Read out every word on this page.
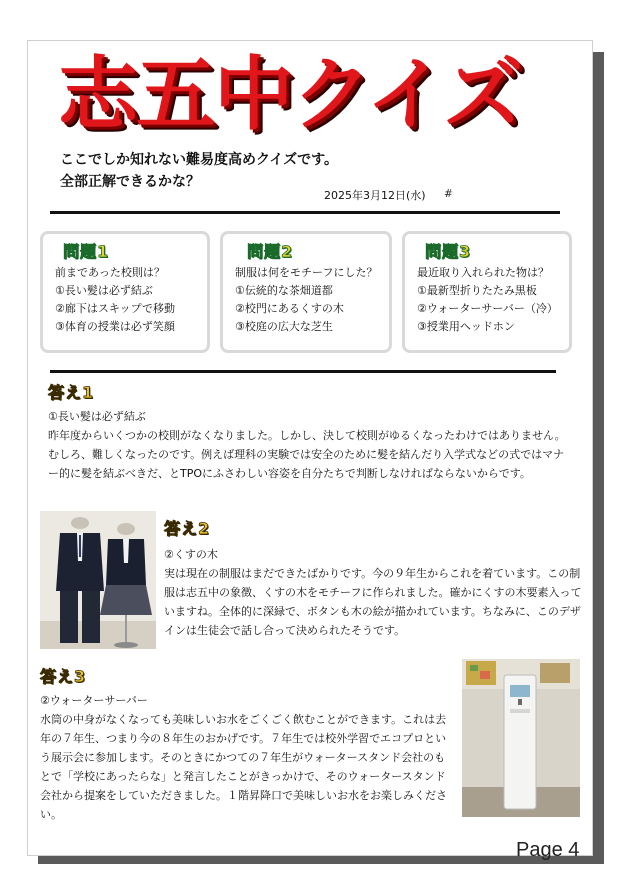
志五中クイズ
ここでしか知れない難易度高めクイズです。
全部正解できるかな？
2025年3月12日(水) #
問題1
前まであった校則は？
①長い髪は必ず結ぶ
②廊下はスキップで移動
③体育の授業は必ず笑顔
問題2
制服は何をモチーフにした？
①伝統的な茶畑道都
②校門にあるくすの木
③校庭の広大な芝生
問題3
最近取り入れられた物は？
①最新型折りたたみ黒板
②ウォーターサーバー（冷）
③授業用ヘッドホン
答え1
①長い髪は必ず結ぶ
昨年度からいくつかの校則がなくなりました。しかし、決して校則がゆるくなったわけではありません。むしろ、難しくなったのです。例えば理科の実験では安全のために髪を結んだり入学式などの式ではマナー的に髪を結ぶべきだ、とTPOにふさわしい容姿を自分たちで判断しなければならないからです。
答え2
②くすの木
実は現在の制服はまだできたばかりです。今の９年生からこれを着ています。この制服は志五中の象徴、くすの木をモチーフに作られました。確かにくすの木要素入っていますね。全体的に深緑で、ボタンも木の絵が描かれています。ちなみに、このデザインは生徒会で話し合って決められたそうです。
答え3
②ウォーターサーバー
水筒の中身がなくなっても美味しいお水をごくごく飲むことができます。これは去年の７年生、つまり今の８年生のおかげです。７年生では校外学習でエコプロという展示会に参加します。そのときにかつての７年生がウォータースタンド会社のもとで「学校にあったらな」と発言したことがきっかけで、そのウォータースタンド会社から提案をしていただきました。１階昇降口で美味しいお水をお楽しみください。
Page 4
